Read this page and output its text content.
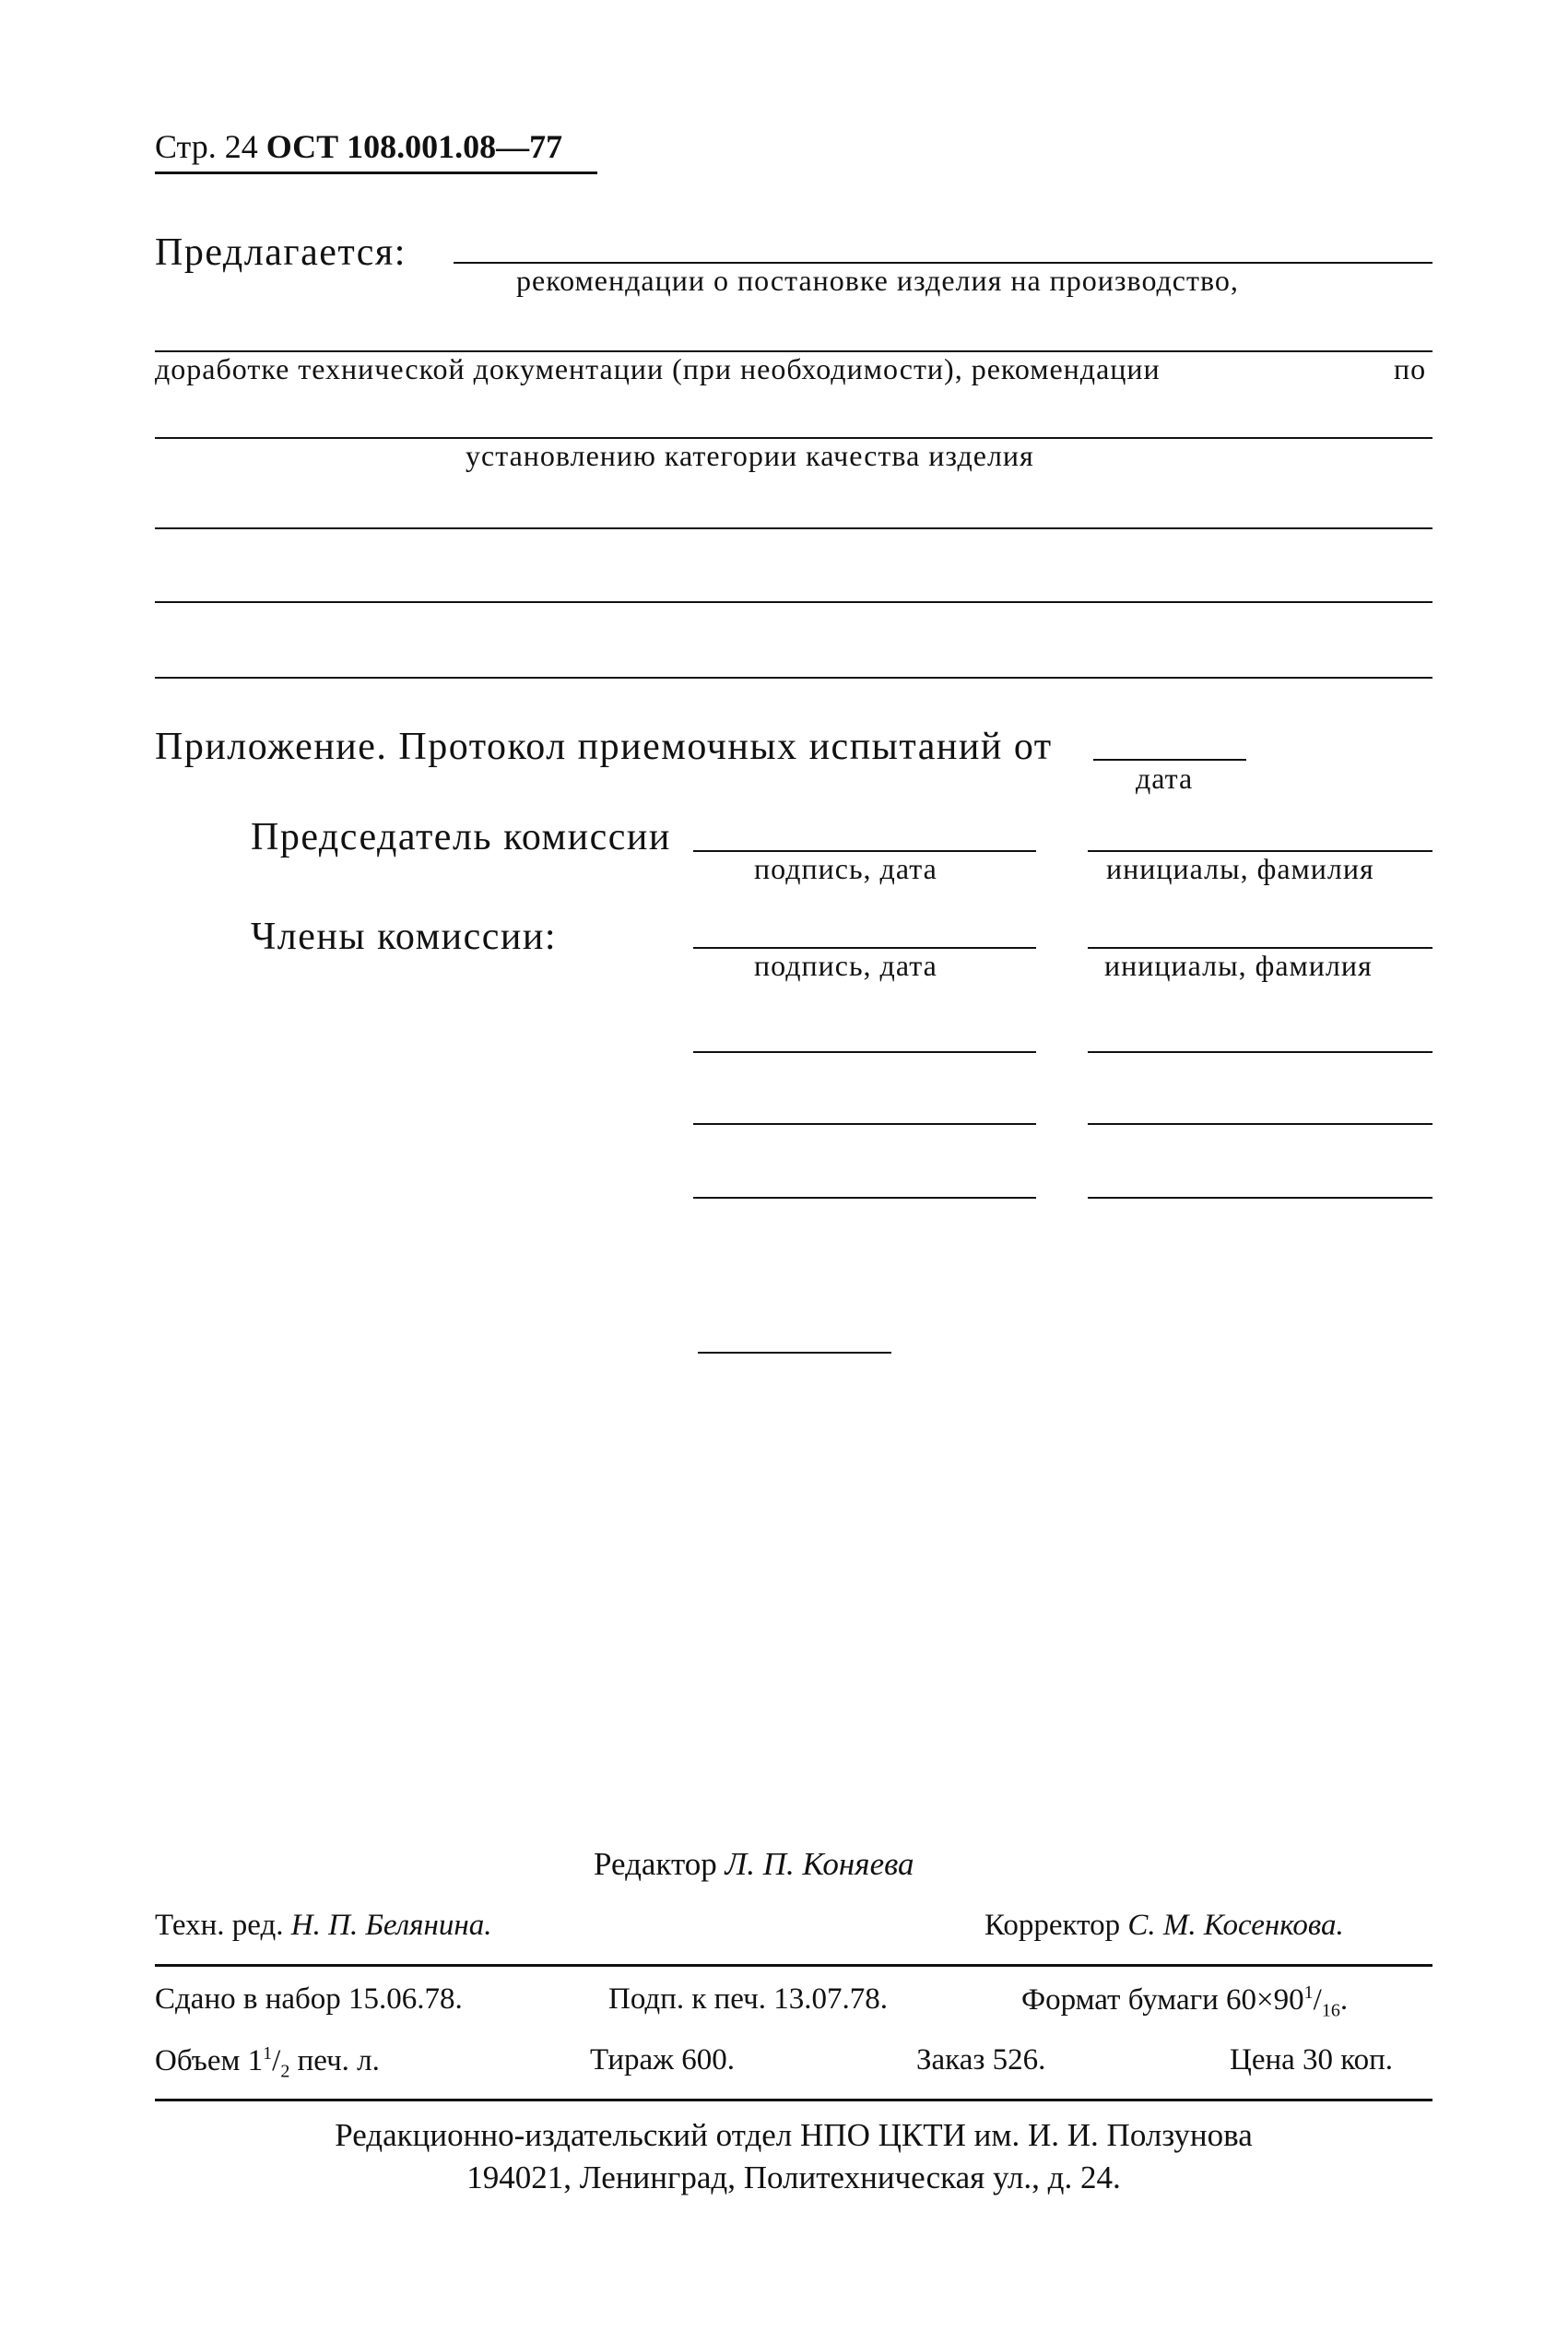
Стр. 24 ОСТ 108.001.08—77
Предлагается:
рекомендации о постановке изделия на производство,
доработке технической документации (при необходимости), рекомендации	по
установлению категории качества изделия
Приложение. Протокол приемочных испытаний от
дата
Председатель комиссии
подпись, дата	инициалы, фамилия
Члены комиссии:
подпись, дата	инициалы, фамилия
Редактор Л. П. Коняева
Техн. ред. Н. П. Белянина.	Корректор С. М. Косенкова.
Сдано в набор 15.06.78.	Подп. к печ. 13.07.78.	Формат бумаги $60\times 90^1/_{16}$.
Объем $1^1/_2$ печ. л.	Тираж 600.	Заказ 526.	Цена 30 коп.
Редакционно-издательский отдел НПО ЦКТИ им. И. И. Ползунова
194021, Ленинград, Политехническая ул., д. 24.
